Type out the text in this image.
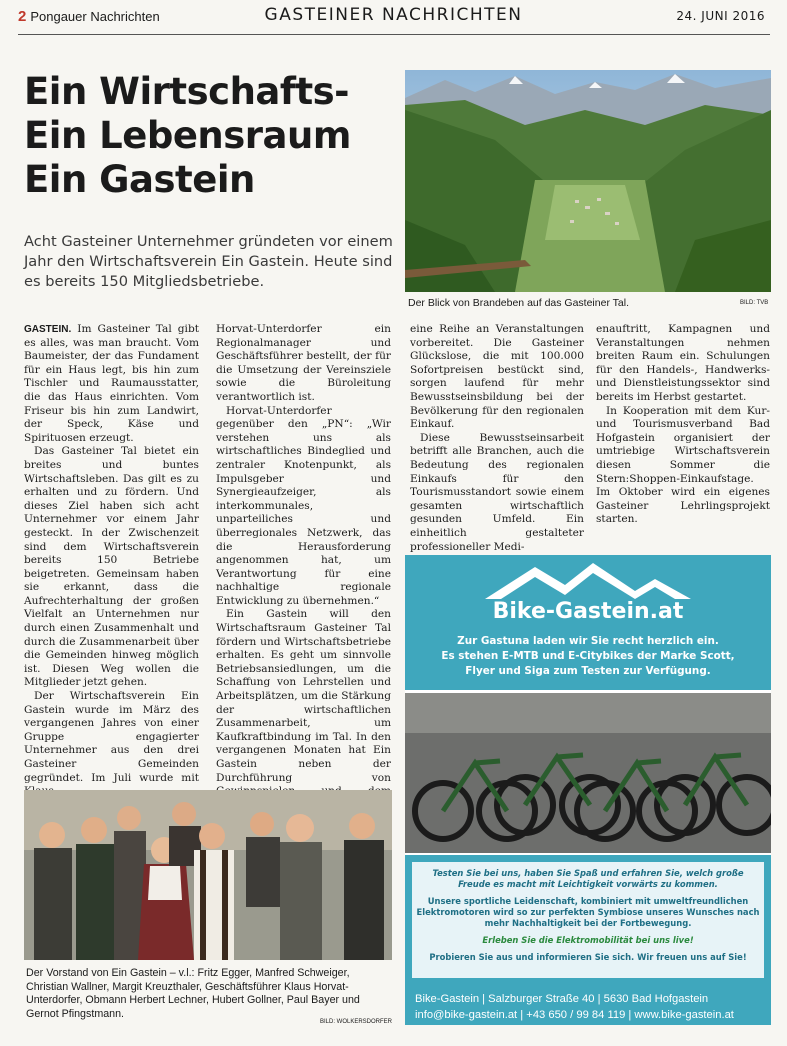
2 Pongauer Nachrichten	GASTEINER NACHRICHTEN	24. JUNI 2016
Ein Wirtschafts-
Ein Lebensraum
Ein Gastein
Acht Gasteiner Unternehmer gründeten vor einem Jahr den Wirtschaftsverein Ein Gastein. Heute sind es bereits 150 Mitgliedsbetriebe.
Der Blick von Brandeben auf das Gasteiner Tal.	BILD: TVB

GASTEIN. Im Gasteiner Tal gibt es alles, was man braucht. Vom Baumeister, der das Fundament für ein Haus legt, bis hin zum Tischler und Raumausstatter, die das Haus einrichten. Vom Friseur bis hin zum Landwirt, der Speck, Käse und Spirituosen erzeugt.

Das Gasteiner Tal bietet ein breites und buntes Wirtschaftsleben. Das gilt es zu erhalten und zu fördern. Und dieses Ziel haben sich acht Unternehmer vor einem Jahr gesteckt. In der Zwischenzeit sind dem Wirtschaftsverein bereits 150 Betriebe beigetreten. Gemeinsam haben sie erkannt, dass die Aufrechterhaltung der großen Vielfalt an Unternehmen nur durch einen Zusammenhalt und durch die Zusammenarbeit über die Gemeinden hinweg möglich ist. Diesen Weg wollen die Mitglieder jetzt gehen.

Der Wirtschaftsverein Ein Gastein wurde im März des vergangenen Jahres von einer Gruppe engagierter Unternehmer aus den drei Gasteiner Gemeinden gegründet. Im Juli wurde mit

Horvat-Unterdorfer ein Regionalmanager und Geschäftsführer bestellt, der für die Umsetzung der Vereinsziele sowie die Büroleitung verantwortlich ist.

Horvat-Unterdorfer gegenüber den „PN“: „Wir verstehen uns als wirtschaftliches Bindeglied und zentraler Knotenpunkt, als Impulsgeber und Synergieaufzeiger, als interkommunales, unparteiliches und überregionales Netzwerk, das die Herausforderung angenommen hat, um Verantwortung für eine nachhaltige regionale Entwicklung zu übernehmen.“

Ein Gastein will den Wirtschaftsraum Gasteiner Tal fördern und Wirtschaftsbetriebe erhalten. Es geht um sinnvolle Betriebsansiedlungen, um die Schaffung von Lehrstellen und Arbeitsplätzen, um die Stärkung der wirtschaftlichen Zusammenarbeit, um Kaufkraftbindung im Tal. In den vergangenen Monaten hat Ein Gastein neben der Durchführung von

eine Reihe an Veranstaltungen vorbereitet. Die Gasteiner Glückslose, die mit 100.000 Sofortpreisen bestückt sind, sorgen laufend für mehr Bewusstseinsbildung bei der Bevölkerung für den regionalen Einkauf.

Diese Bewusstseinsarbeit betrifft alle Branchen, auch die Bedeutung des regionalen Einkaufs für den Tourismusstandort sowie einem gesamten wirtschaftlich gesunden Umfeld. Ein einheitlich gestalteter professioneller Medi-

enauftritt, Kampagnen und Veranstaltungen nehmen breiten Raum ein. Schulungen für den Handels-, Handwerks- und Dienstleistungssektor sind bereits im Herbst gestartet.

In Kooperation mit dem Kur- und Tourismusverband Bad Hofgastein organisiert der umtriebige Wirtschaftsverein diesen Sommer die Stern:Shoppen-Einkaufstage. Im Oktober wird ein eigenes Gasteiner Lehrlingsprojekt starten.

Der Vorstand von Ein Gastein – v.l.: Fritz Egger, Manfred Schweiger, Christian Wallner, Margit Kreuzthaler, Geschäftsführer Klaus Horvat-Unterdorfer, Obmann Herbert Lechner, Hubert Gollner, Paul Bayer und Gernot Pfingstmann.
BILD: WOLKERSDORFER
Bike-Gastein.at
Zur Gastuna laden wir Sie recht herzlich ein.
Es stehen E-MTB und E-Citybikes der Marke Scott,
Flyer und Siga zum Testen zur Verfügung.
Testen Sie bei uns, haben Sie Spaß und erfahren Sie, welch große Freude es macht mit Leichtigkeit vorwärts zu kommen.
Unsere sportliche Leidenschaft, kombiniert mit umweltfreundlichen Elektromotoren wird so zur perfekten Symbiose unseres Wunsches nach mehr Nachhaltigkeit bei der Fortbewegung.
Erleben Sie die Elektromobilität bei uns live!
Probieren Sie aus und informieren Sie sich. Wir freuen uns auf Sie!
Bike-Gastein | Salzburger Straße 40 | 5630 Bad Hofgastein
info@bike-gastein.at | +43 650 / 99 84 119 | www.bike-gastein.at
